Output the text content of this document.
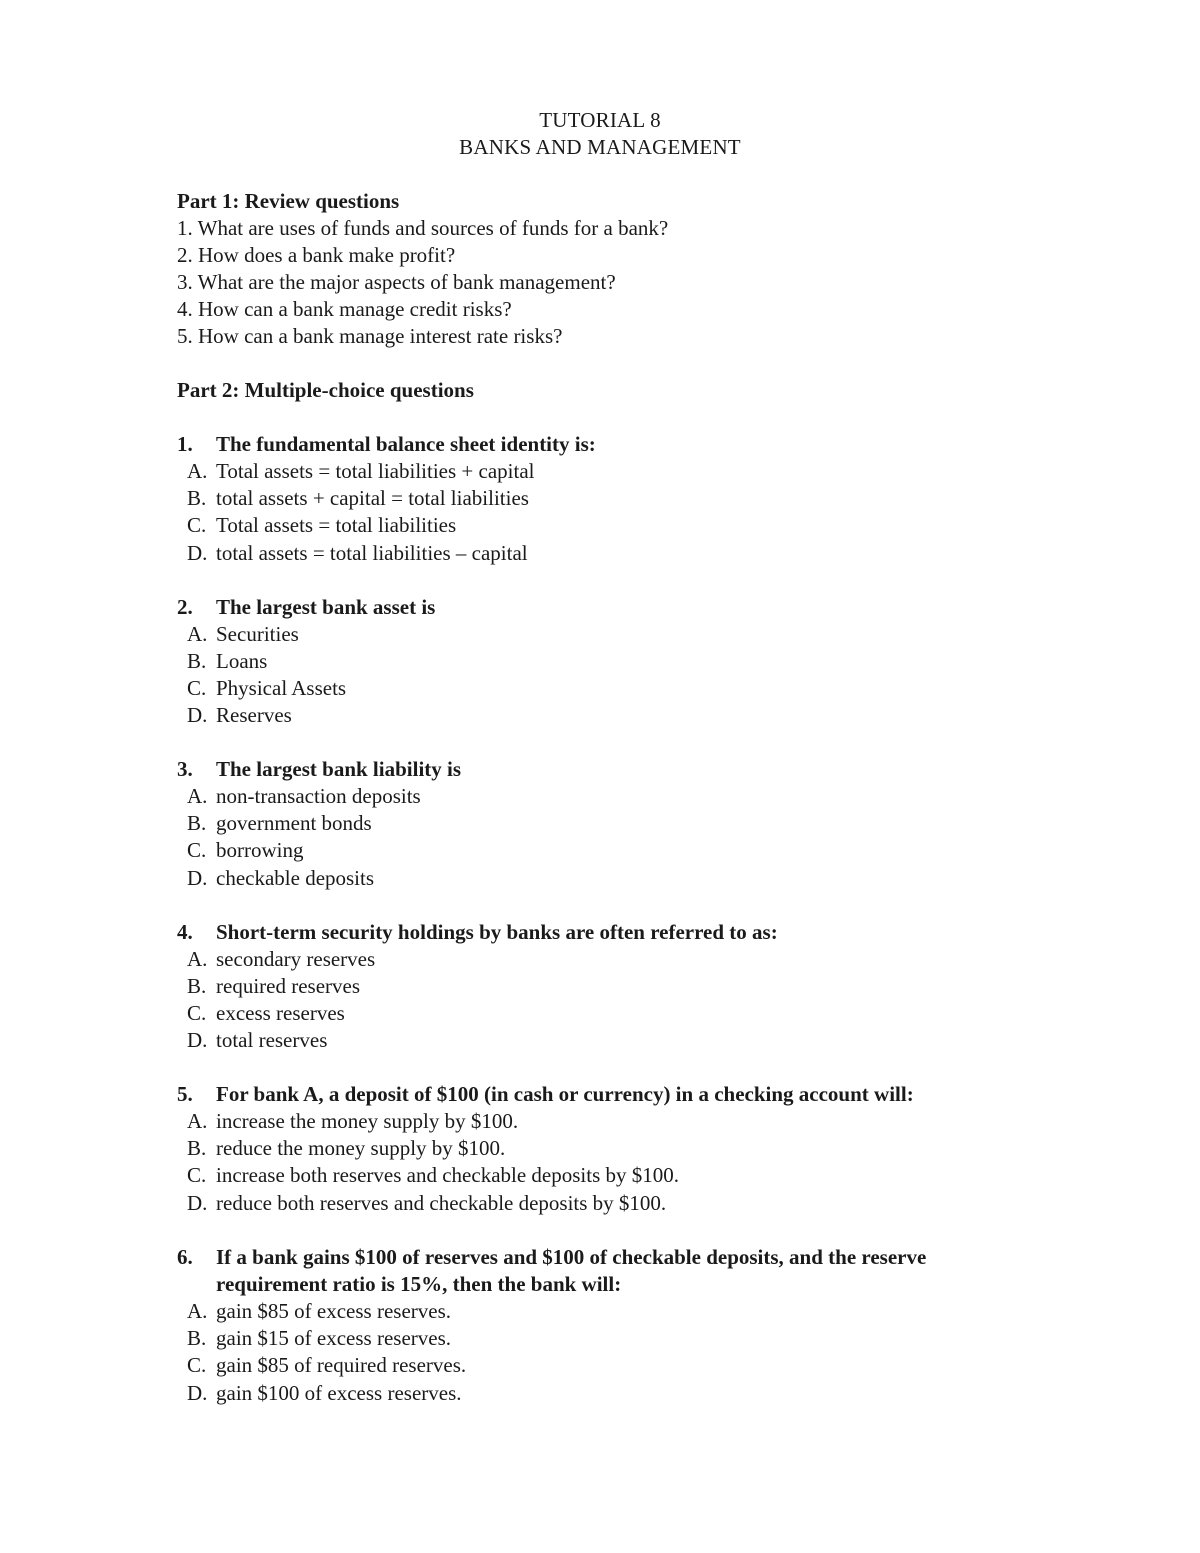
TUTORIAL 8
BANKS AND MANAGEMENT
Part 1: Review questions
1. What are uses of funds and sources of funds for a bank?
2. How does a bank make profit?
3. What are the major aspects of bank management?
4. How can a bank manage credit risks?
5. How can a bank manage interest rate risks?
Part 2: Multiple-choice questions
1. The fundamental balance sheet identity is:
A. Total assets = total liabilities + capital
B. total assets + capital = total liabilities
C. Total assets = total liabilities
D. total assets = total liabilities – capital
2. The largest bank asset is
A. Securities
B. Loans
C. Physical Assets
D. Reserves
3. The largest bank liability is
A. non-transaction deposits
B. government bonds
C. borrowing
D. checkable deposits
4. Short-term security holdings by banks are often referred to as:
A. secondary reserves
B. required reserves
C. excess reserves
D. total reserves
5. For bank A, a deposit of $100 (in cash or currency) in a checking account will:
A. increase the money supply by $100.
B. reduce the money supply by $100.
C. increase both reserves and checkable deposits by $100.
D. reduce both reserves and checkable deposits by $100.
6. If a bank gains $100 of reserves and $100 of checkable deposits, and the reserve
requirement ratio is 15%, then the bank will:
A. gain $85 of excess reserves.
B. gain $15 of excess reserves.
C. gain $85 of required reserves.
D. gain $100 of excess reserves.
